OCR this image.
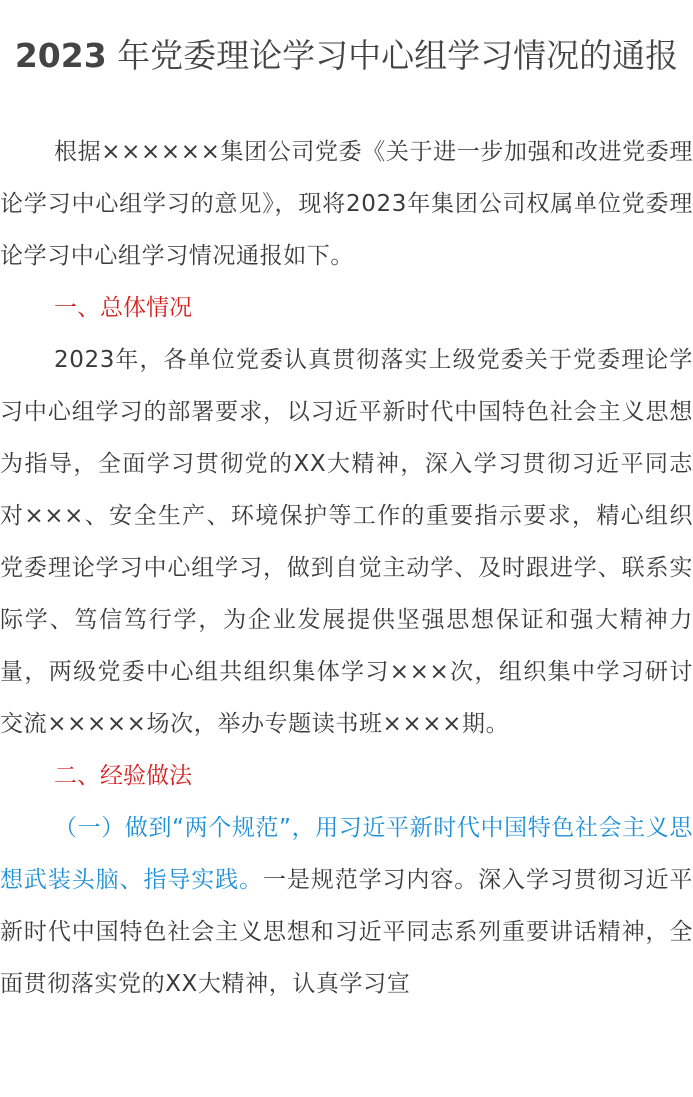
2023 年党委理论学习中心组学习情况的通报

根据××××××集团公司党委《关于进一步加强和改进党委理论学习中心组学习的意见》，现将2023年集团公司权属单位党委理论学习中心组学习情况通报如下。

一、总体情况

2023年，各单位党委认真贯彻落实上级党委关于党委理论学习中心组学习的部署要求，以习近平新时代中国特色社会主义思想为指导，全面学习贯彻党的XX大精神，深入学习贯彻习近平同志对×××、安全生产、环境保护等工作的重要指示要求，精心组织党委理论学习中心组学习，做到自觉主动学、及时跟进学、联系实际学、笃信笃行学，为企业发展提供坚强思想保证和强大精神力量，两级党委中心组共组织集体学习×××次，组织集中学习研讨交流×××××场次，举办专题读书班××××期。

二、经验做法

（一）做到“两个规范”，用习近平新时代中国特色社会主义思想武装头脑、指导实践。一是规范学习内容。深入学习贯彻习近平新时代中国特色社会主义思想和习近平同志系列重要讲话精神，全面贯彻落实党的XX大精神，认真学习宣
